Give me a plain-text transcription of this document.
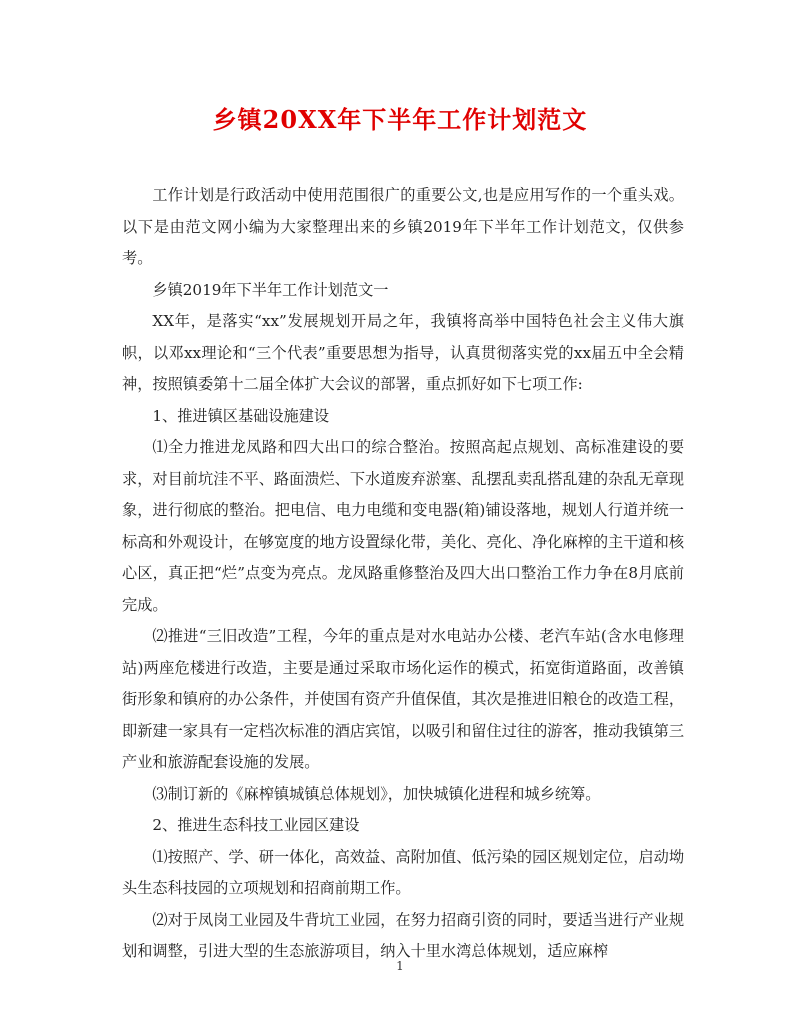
乡镇20XX年下半年工作计划范文

工作计划是行政活动中使用范围很广的重要公文,也是应用写作的一个重头戏。以下是由范文网小编为大家整理出来的乡镇2019年下半年工作计划范文，仅供参考。

乡镇2019年下半年工作计划范文一

XX年，是落实“xx”发展规划开局之年，我镇将高举中国特色社会主义伟大旗帜，以邓xx理论和“三个代表”重要思想为指导，认真贯彻落实党的xx届五中全会精神，按照镇委第十二届全体扩大会议的部署，重点抓好如下七项工作:

1、推进镇区基础设施建设

⑴全力推进龙凤路和四大出口的综合整治。按照高起点规划、高标准建设的要求，对目前坑洼不平、路面溃烂、下水道废弃淤塞、乱摆乱卖乱搭乱建的杂乱无章现象，进行彻底的整治。把电信、电力电缆和变电器(箱)铺设落地，规划人行道并统一标高和外观设计，在够宽度的地方设置绿化带，美化、亮化、净化麻榨的主干道和核心区，真正把“烂”点变为亮点。龙凤路重修整治及四大出口整治工作力争在8月底前完成。

⑵推进“三旧改造”工程，今年的重点是对水电站办公楼、老汽车站(含水电修理站)两座危楼进行改造，主要是通过采取市场化运作的模式，拓宽街道路面，改善镇街形象和镇府的办公条件，并使国有资产升值保值，其次是推进旧粮仓的改造工程，即新建一家具有一定档次标准的酒店宾馆，以吸引和留住过往的游客，推动我镇第三产业和旅游配套设施的发展。

⑶制订新的《麻榨镇城镇总体规划》，加快城镇化进程和城乡统筹。

2、推进生态科技工业园区建设

⑴按照产、学、研一体化，高效益、高附加值、低污染的园区规划定位，启动坳头生态科技园的立项规划和招商前期工作。

⑵对于凤岗工业园及牛背坑工业园，在努力招商引资的同时，要适当进行产业规划和调整，引进大型的生态旅游项目，纳入十里水湾总体规划，适应麻榨

1
